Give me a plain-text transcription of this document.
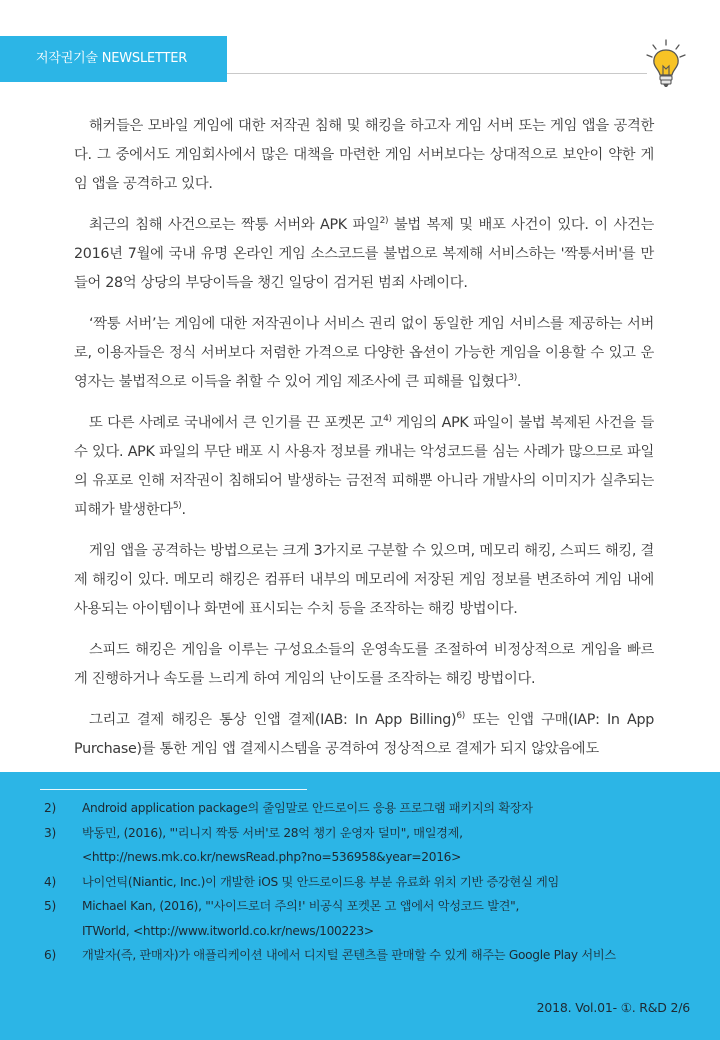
저작권기술 NEWSLETTER

해커들은 모바일 게임에 대한 저작권 침해 및 해킹을 하고자 게임 서버 또는 게임 앱을 공격한다. 그 중에서도 게임회사에서 많은 대책을 마련한 게임 서버보다는 상대적으로 보안이 약한 게임 앱을 공격하고 있다.

최근의 침해 사건으로는 짝퉁 서버와 APK 파일$^{2)}$ 불법 복제 및 배포 사건이 있다. 이 사건는 2016년 7월에 국내 유명 온라인 게임 소스코드를 불법으로 복제해 서비스하는 '짝퉁서버'를 만들어 28억 상당의 부당이득을 챙긴 일당이 검거된 범죄 사례이다.

‘짝퉁 서버’는 게임에 대한 저작권이나 서비스 권리 없이 동일한 게임 서비스를 제공하는 서버로, 이용자들은 정식 서버보다 저렴한 가격으로 다양한 옵션이 가능한 게임을 이용할 수 있고 운영자는 불법적으로 이득을 취할 수 있어 게임 제조사에 큰 피해를 입혔다$^{3)}$.

또 다른 사례로 국내에서 큰 인기를 끈 포켓몬 고$^{4)}$ 게임의 APK 파일이 불법 복제된 사건을 들 수 있다. APK 파일의 무단 배포 시 사용자 정보를 캐내는 악성코드를 심는 사례가 많으므로 파일의 유포로 인해 저작권이 침해되어 발생하는 금전적 피해뿐 아니라 개발사의 이미지가 실추되는 피해가 발생한다$^{5)}$.

게임 앱을 공격하는 방법으로는 크게 3가지로 구분할 수 있으며, 메모리 해킹, 스피드 해킹, 결제 해킹이 있다. 메모리 해킹은 컴퓨터 내부의 메모리에 저장된 게임 정보를 변조하여 게임 내에 사용되는 아이템이나 화면에 표시되는 수치 등을 조작하는 해킹 방법이다.

스피드 해킹은 게임을 이루는 구성요소들의 운영속도를 조절하여 비정상적으로 게임을 빠르게 진행하거나 속도를 느리게 하여 게임의 난이도를 조작하는 해킹 방법이다.

그리고 결제 해킹은 통상 인앱 결제(IAB: In App Billing)$^{6)}$ 또는 인앱 구매(IAP: In App Purchase)를 통한 게임 앱 결제시스템을 공격하여 정상적으로 결제가 되지 않았음에도

2)	Android application package의 줄임말로 안드로이드 응용 프로그램 패키지의 확장자
3)	박동민, (2016), "'리니지 짝퉁 서버'로 28억 챙기 운영자 덜미", 매일경제,
<http://news.mk.co.kr/newsRead.php?no=536958&year=2016>
4)	나이언틱(Niantic, Inc.)이 개발한 iOS 및 안드로이드용 부분 유료화 위치 기반 증강현실 게임
5)	Michael Kan, (2016), "'사이드로더 주의!' 비공식 포켓몬 고 앱에서 악성코드 발견",
ITWorld, <http://www.itworld.co.kr/news/100223>
6)	개발자(즉, 판매자)가 애플리케이션 내에서 디지털 콘텐츠를 판매할 수 있게 해주는 Google Play 서비스
2018. Vol.01- ①. R&D 2/6
